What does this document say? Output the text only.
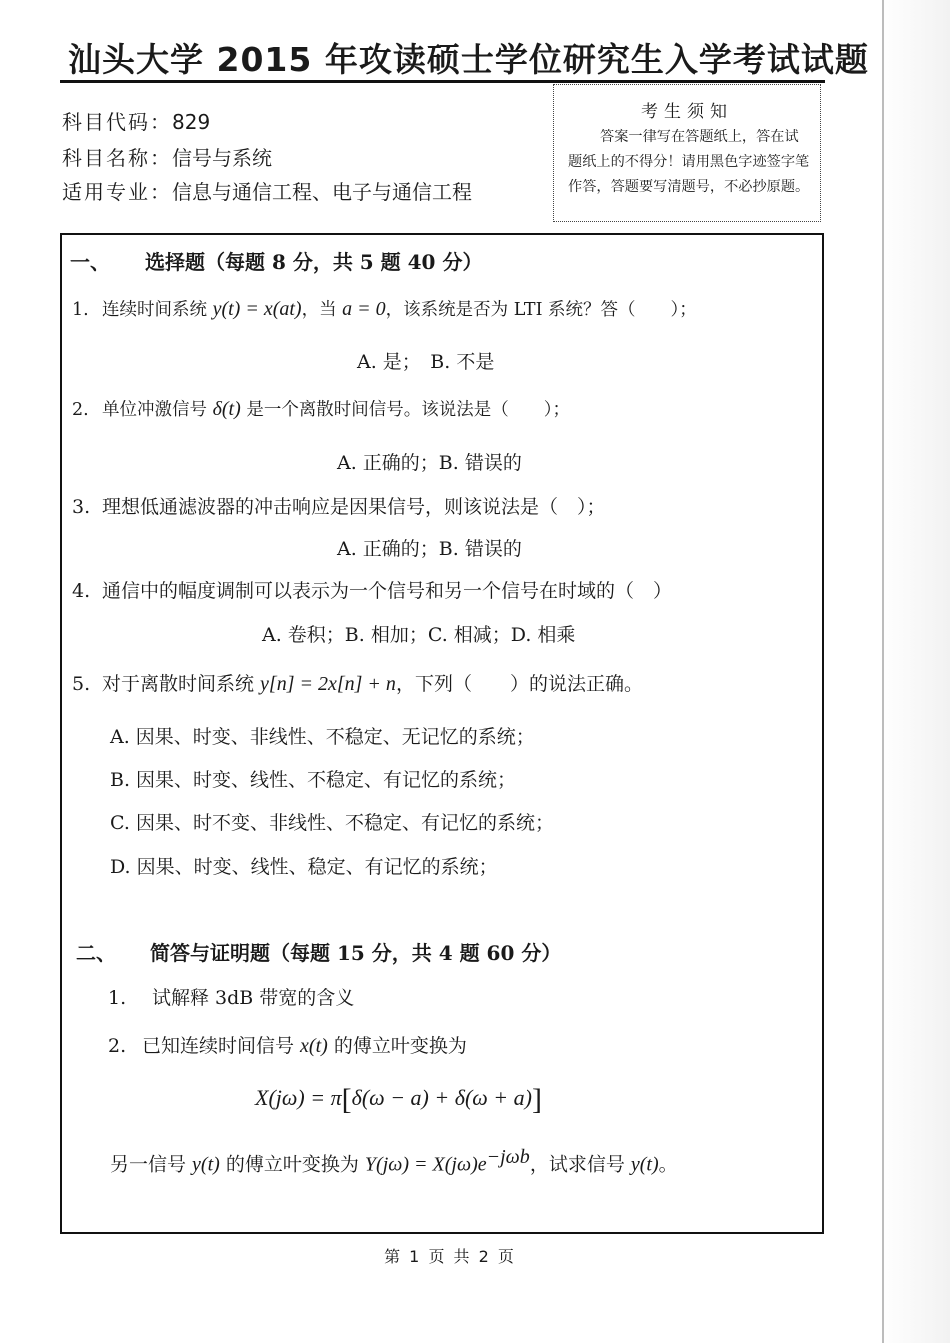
汕头大学 2015 年攻读硕士学位研究生入学考试试题
科目代码：829
科目名称：信号与系统
适用专业：信息与通信工程、电子与通信工程
考生须知
答案一律写在答题纸上，答在试题纸上的不得分！请用黑色字迹签字笔作答，答题要写清题号，不必抄原题。
一、 选择题（每题 8 分，共 5 题 40 分）
1. 连续时间系统 y(t) = x(at)，当 a = 0，该系统是否为 LTI 系统？答（　　）；
A. 是；　B. 不是
2. 单位冲激信号 δ(t) 是一个离散时间信号。该说法是（　　）；
A. 正确的；B. 错误的
3. 理想低通滤波器的冲击响应是因果信号，则该说法是（　）；
A. 正确的；B. 错误的
4. 通信中的幅度调制可以表示为一个信号和另一个信号在时域的（　）
A. 卷积；B. 相加；C. 相减；D. 相乘
5. 对于离散时间系统 y[n] = 2x[n] + n，下列（　　）的说法正确。
A. 因果、时变、非线性、不稳定、无记忆的系统；
B. 因果、时变、线性、不稳定、有记忆的系统；
C. 因果、时不变、非线性、不稳定、有记忆的系统；
D. 因果、时变、线性、稳定、有记忆的系统；
二、 简答与证明题（每题 15 分，共 4 题 60 分）
1. 试解释 3dB 带宽的含义
2. 已知连续时间信号 x(t) 的傅立叶变换为
X(jω) = π[δ(ω − a) + δ(ω + a)]
另一信号 y(t) 的傅立叶变换为 $Y(j\omega) = X(j\omega)e^{-j\omega b}$，试求信号 y(t)。
第 1 页 共 2 页
